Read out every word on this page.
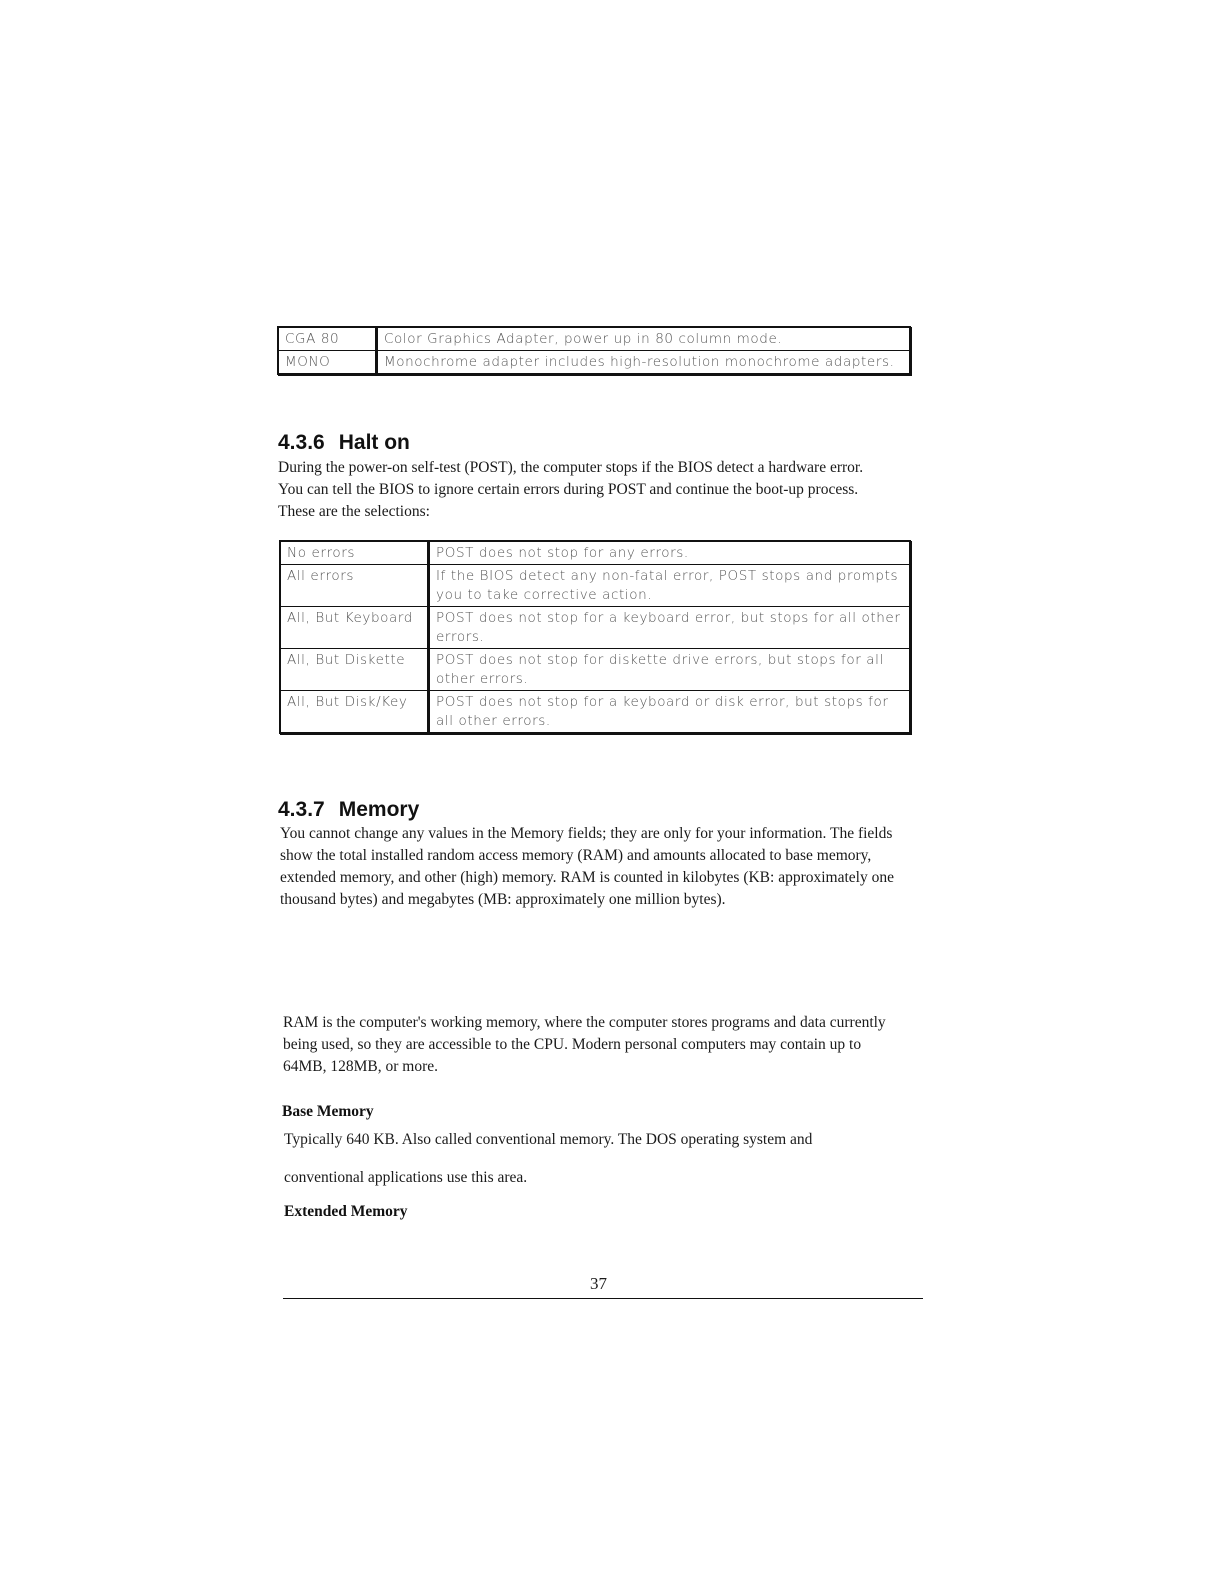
CGA 80	Color Graphics Adapter, power up in 80 column mode.
MONO	Monochrome adapter includes high-resolution monochrome adapters.
4.3.6 Halt on

During the power-on self-test (POST), the computer stops if the BIOS detect a hardware error. You can tell the BIOS to ignore certain errors during POST and continue the boot-up process. These are the selections:

No errors	POST does not stop for any errors.
All errors	If the BIOS detect any non-fatal error, POST stops and prompts you to take corrective action.
All, But Keyboard	POST does not stop for a keyboard error, but stops for all other errors.
All, But Diskette	POST does not stop for diskette drive errors, but stops for all other errors.
All, But Disk/Key	POST does not stop for a keyboard or disk error, but stops for all other errors.
4.3.7 Memory

You cannot change any values in the Memory fields; they are only for your information. The fields show the total installed random access memory (RAM) and amounts allocated to base memory, extended memory, and other (high) memory. RAM is counted in kilobytes (KB: approximately one thousand bytes) and megabytes (MB: approximately one million bytes).

RAM is the computer's working memory, where the computer stores programs and data currently being used, so they are accessible to the CPU. Modern personal computers may contain up to 64MB, 128MB, or more.

Base Memory

Typically 640 KB. Also called conventional memory. The DOS operating system and

conventional applications use this area.

Extended Memory
37
